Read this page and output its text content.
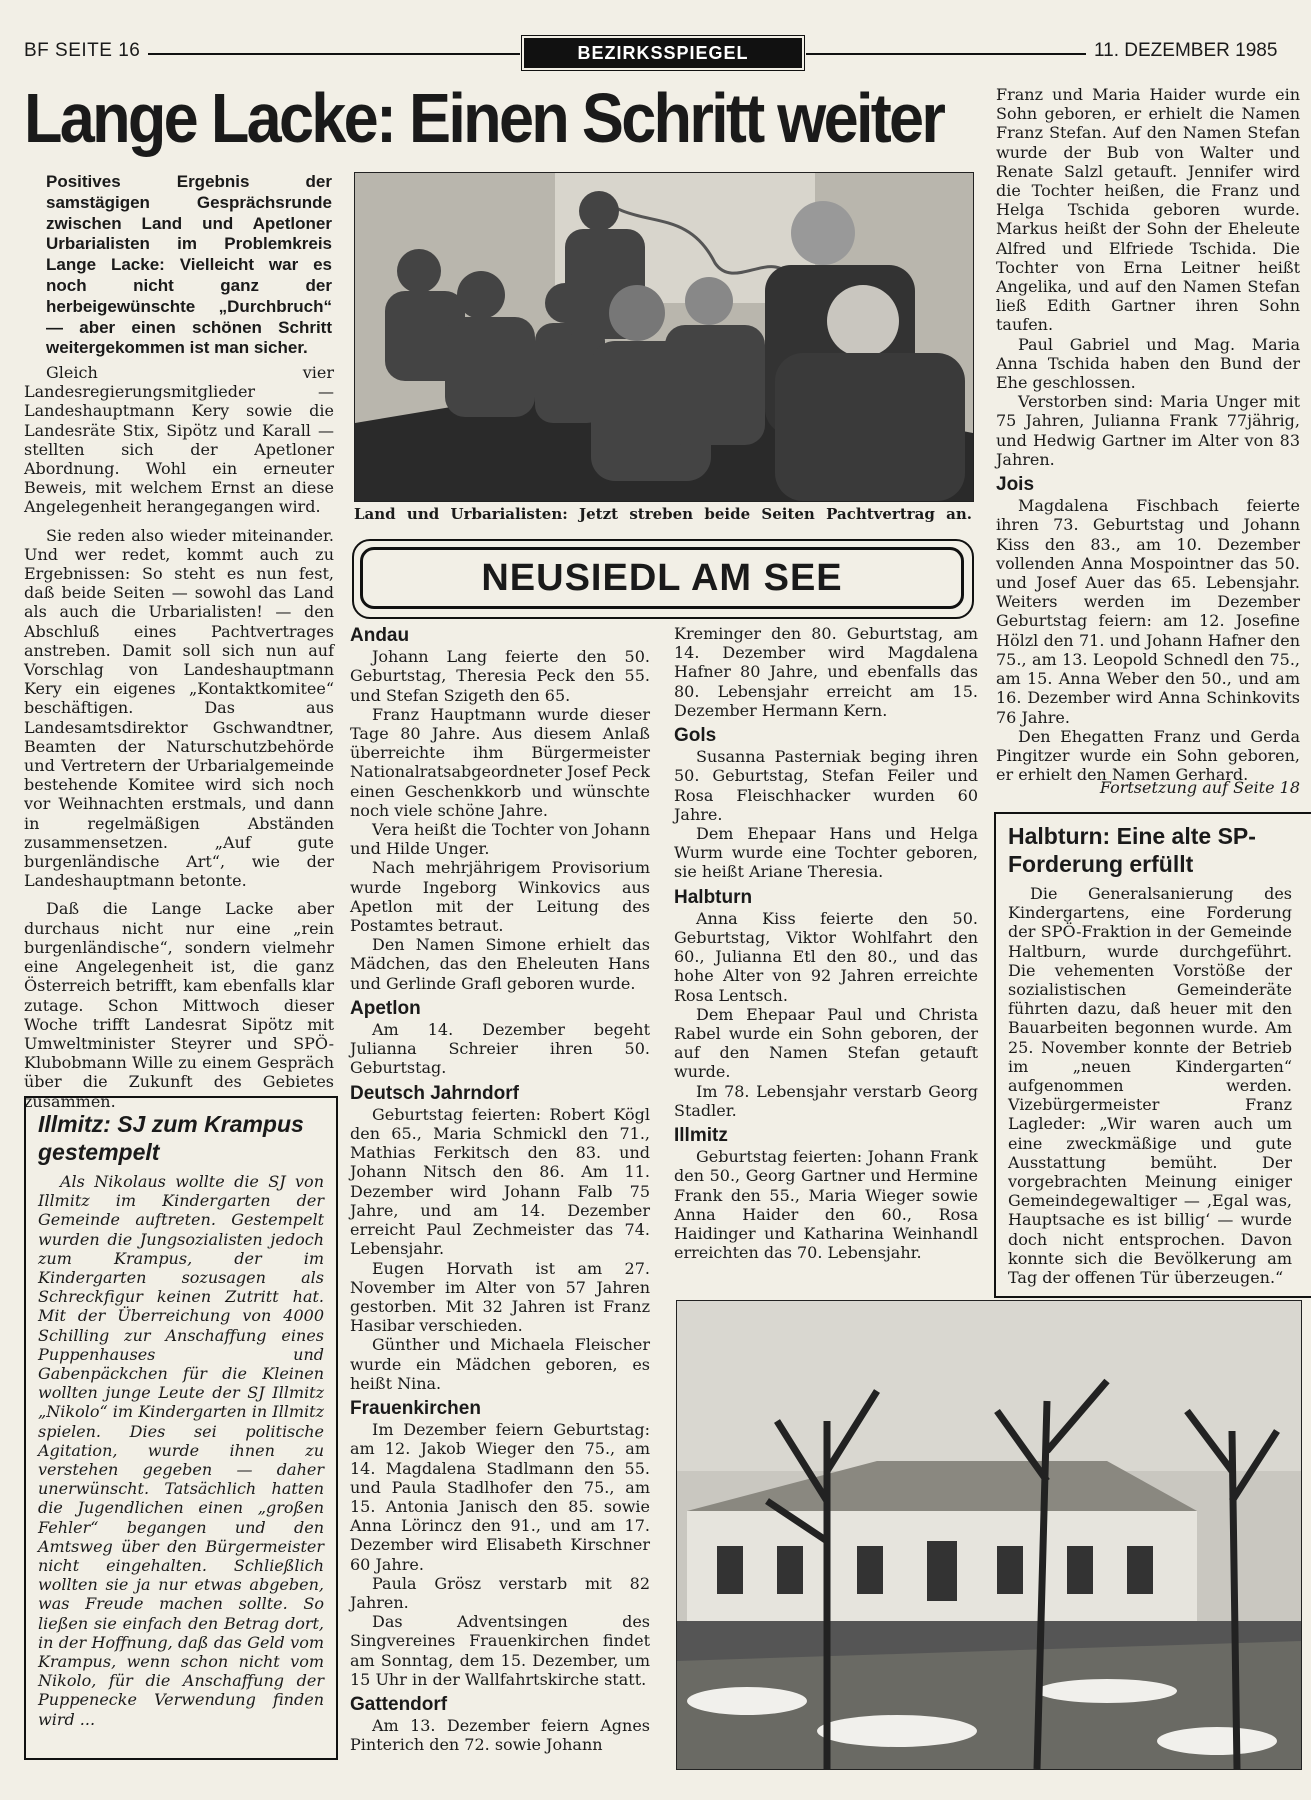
BF SEITE 16	BEZIRKSSPIEGEL	11. DEZEMBER 1985
Lange Lacke: Einen Schritt weiter
Positives Ergebnis der samstägigen Gesprächsrunde zwischen Land und Apetloner Urbarialisten im Problemkreis Lange Lacke: Vielleicht war es noch nicht ganz der herbeigewünschte „Durchbruch“ — aber einen schönen Schritt weitergekommen ist man sicher.

Gleich vier Landesregierungsmitglieder — Landeshauptmann Kery sowie die Landesräte Stix, Sipötz und Karall — stellten sich der Apetloner Abordnung. Wohl ein erneuter Beweis, mit welchem Ernst an diese Angelegenheit herangegangen wird.

Sie reden also wieder miteinander. Und wer redet, kommt auch zu Ergebnissen: So steht es nun fest, daß beide Seiten — sowohl das Land als auch die Urbarialisten! — den Abschluß eines Pachtvertrages anstreben. Damit soll sich nun auf Vorschlag von Landeshauptmann Kery ein eigenes „Kontaktkomitee“ beschäftigen. Das aus Landesamtsdirektor Gschwandtner, Beamten der Naturschutzbehörde und Vertretern der Urbarialgemeinde bestehende Komitee wird sich noch vor Weihnachten erstmals, und dann in regelmäßigen Abständen zusammensetzen. „Auf gute burgenländische Art“, wie der Landeshauptmann betonte.

Daß die Lange Lacke aber durchaus nicht nur eine „rein burgenländische“, sondern vielmehr eine Angelegenheit ist, die ganz Österreich betrifft, kam ebenfalls klar zutage. Schon Mittwoch dieser Woche trifft Landesrat Sipötz mit Umweltminister Steyrer und SPÖ-Klubobmann Wille zu einem Gespräch über die Zukunft des Gebietes zusammen.

Land und Urbarialisten: Jetzt streben beide Seiten Pachtvertrag an.
NEUSIEDL AM SEE
Andau

Johann Lang feierte den 50. Geburtstag, Theresia Peck den 55. und Stefan Szigeth den 65.

Franz Hauptmann wurde dieser Tage 80 Jahre. Aus diesem Anlaß überreichte ihm Bürgermeister Nationalratsabgeordneter Josef Peck einen Geschenkkorb und wünschte noch viele schöne Jahre.

Vera heißt die Tochter von Johann und Hilde Unger.

Nach mehrjährigem Provisorium wurde Ingeborg Winkovics aus Apetlon mit der Leitung des Postamtes betraut.

Den Namen Simone erhielt das Mädchen, das den Eheleuten Hans und Gerlinde Grafl geboren wurde.

Apetlon

Am 14. Dezember begeht Julianna Schreier ihren 50. Geburtstag.

Deutsch Jahrndorf

Geburtstag feierten: Robert Kögl den 65., Maria Schmickl den 71., Mathias Ferkitsch den 83. und Johann Nitsch den 86. Am 11. Dezember wird Johann Falb 75 Jahre, und am 14. Dezember erreicht Paul Zechmeister das 74. Lebensjahr.

Eugen Horvath ist am 27. November im Alter von 57 Jahren gestorben. Mit 32 Jahren ist Franz Hasibar verschieden.

Günther und Michaela Fleischer wurde ein Mädchen geboren, es heißt Nina.

Frauenkirchen

Im Dezember feiern Geburtstag: am 12. Jakob Wieger den 75., am 14. Magdalena Stadlmann den 55. und Paula Stadlhofer den 75., am 15. Antonia Janisch den 85. sowie Anna Lörincz den 91., und am 17. Dezember wird Elisabeth Kirschner 60 Jahre.

Paula Grösz verstarb mit 82 Jahren.

Das Adventsingen des Singvereines Frauenkirchen findet am Sonntag, dem 15. Dezember, um 15 Uhr in der Wallfahrtskirche statt.

Gattendorf

Am 13. Dezember feiern Agnes Pinterich den 72. sowie Johann

Kreminger den 80. Geburtstag, am 14. Dezember wird Magdalena Hafner 80 Jahre, und ebenfalls das 80. Lebensjahr erreicht am 15. Dezember Hermann Kern.

Gols

Susanna Pasterniak beging ihren 50. Geburtstag, Stefan Feiler und Rosa Fleischhacker wurden 60 Jahre.

Dem Ehepaar Hans und Helga Wurm wurde eine Tochter geboren, sie heißt Ariane Theresia.

Halbturn

Anna Kiss feierte den 50. Geburtstag, Viktor Wohlfahrt den 60., Julianna Etl den 80., und das hohe Alter von 92 Jahren erreichte Rosa Lentsch.

Dem Ehepaar Paul und Christa Rabel wurde ein Sohn geboren, der auf den Namen Stefan getauft wurde.

Im 78. Lebensjahr verstarb Georg Stadler.

Illmitz

Geburtstag feierten: Johann Frank den 50., Georg Gartner und Hermine Frank den 55., Maria Wieger sowie Anna Haider den 60., Rosa Haidinger und Katharina Weinhandl erreichten das 70. Lebensjahr.

Illmitz: SJ zum Krampus gestempelt
Als Nikolaus wollte die SJ von Illmitz im Kindergarten der Gemeinde auftreten. Gestempelt wurden die Jungsozialisten jedoch zum Krampus, der im Kindergarten sozusagen als Schreckfigur keinen Zutritt hat. Mit der Überreichung von 4000 Schilling zur Anschaffung eines Puppenhauses und Gabenpäckchen für die Kleinen wollten junge Leute der SJ Illmitz „Nikolo“ im Kindergarten in Illmitz spielen. Dies sei politische Agitation, wurde ihnen zu verstehen gegeben — daher unerwünscht. Tatsächlich hatten die Jugendlichen einen „großen Fehler“ begangen und den Amtsweg über den Bürgermeister nicht eingehalten. Schließlich wollten sie ja nur etwas abgeben, was Freude machen sollte. So ließen sie einfach den Betrag dort, in der Hoffnung, daß das Geld vom Krampus, wenn schon nicht vom Nikolo, für die Anschaffung der Puppenecke Verwendung finden wird ...

Franz und Maria Haider wurde ein Sohn geboren, er erhielt die Namen Franz Stefan. Auf den Namen Stefan wurde der Bub von Walter und Renate Salzl getauft. Jennifer wird die Tochter heißen, die Franz und Helga Tschida geboren wurde. Markus heißt der Sohn der Eheleute Alfred und Elfriede Tschida. Die Tochter von Erna Leitner heißt Angelika, und auf den Namen Stefan ließ Edith Gartner ihren Sohn taufen.

Paul Gabriel und Mag. Maria Anna Tschida haben den Bund der Ehe geschlossen.

Verstorben sind: Maria Unger mit 75 Jahren, Julianna Frank 77jährig, und Hedwig Gartner im Alter von 83 Jahren.

Jois

Magdalena Fischbach feierte ihren 73. Geburtstag und Johann Kiss den 83., am 10. Dezember vollenden Anna Mospointner das 50. und Josef Auer das 65. Lebensjahr. Weiters werden im Dezember Geburtstag feiern: am 12. Josefine Hölzl den 71. und Johann Hafner den 75., am 13. Leopold Schnedl den 75., am 15. Anna Weber den 50., und am 16. Dezember wird Anna Schinkovits 76 Jahre.

Den Ehegatten Franz und Gerda Pingitzer wurde ein Sohn geboren, er erhielt den Namen Gerhard.

Fortsetzung auf Seite 18
Halbturn: Eine alte SP-Forderung erfüllt
Die Generalsanierung des Kindergartens, eine Forderung der SPÖ-Fraktion in der Gemeinde Haltburn, wurde durchgeführt. Die vehementen Vorstöße der sozialistischen Gemeinderäte führten dazu, daß heuer mit den Bauarbeiten begonnen wurde. Am 25. November konnte der Betrieb im „neuen Kindergarten“ aufgenommen werden. Vizebürgermeister Franz Lagleder: „Wir waren auch um eine zweckmäßige und gute Ausstattung bemüht. Der vorgebrachten Meinung einiger Gemeindegewaltiger — ‚Egal was, Hauptsache es ist billig‘ — wurde doch nicht entsprochen. Davon konnte sich die Bevölkerung am Tag der offenen Tür überzeugen.“
